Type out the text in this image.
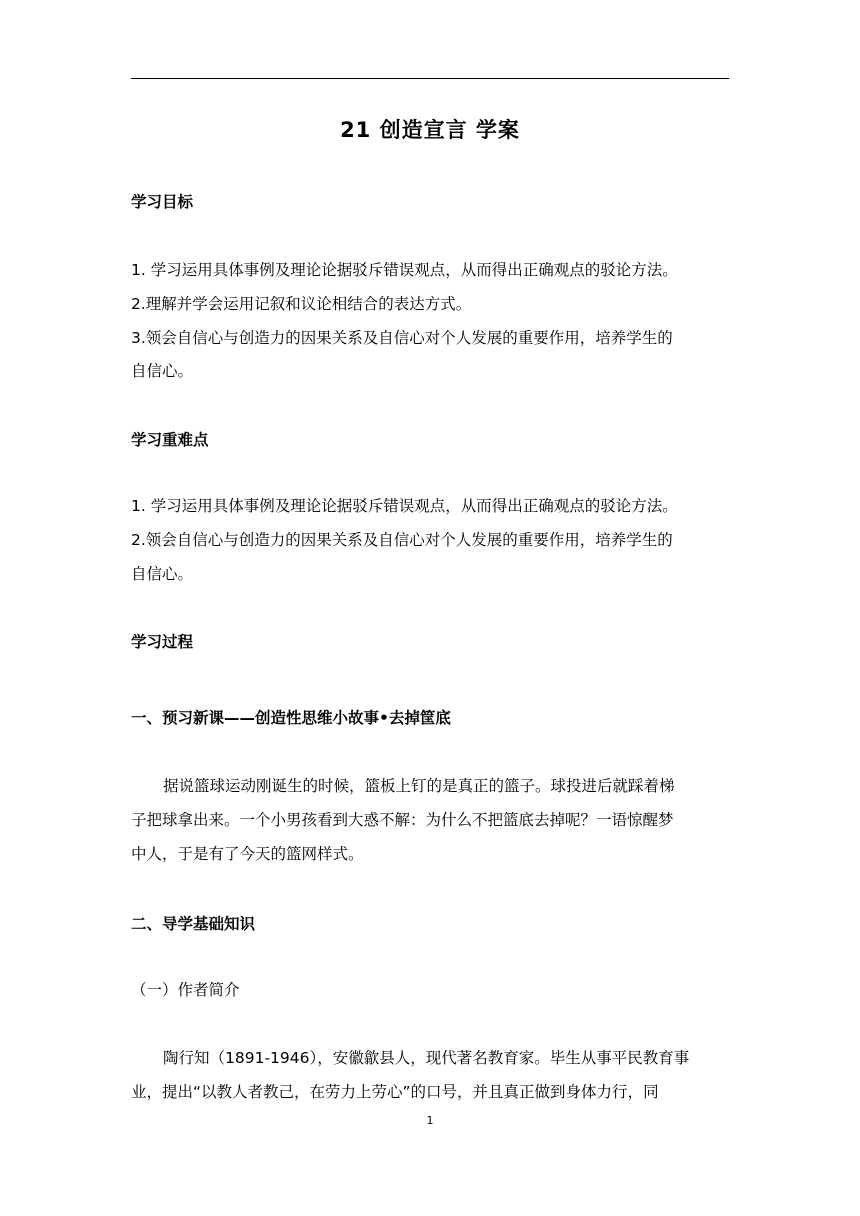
21 创造宣言 学案
学习目标
1. 学习运用具体事例及理论论据驳斥错误观点，从而得出正确观点的驳论方法。
2.理解并学会运用记叙和议论相结合的表达方式。
3.领会自信心与创造力的因果关系及自信心对个人发展的重要作用，培养学生的
自信心。
学习重难点
1. 学习运用具体事例及理论论据驳斥错误观点，从而得出正确观点的驳论方法。
2.领会自信心与创造力的因果关系及自信心对个人发展的重要作用，培养学生的
自信心。
学习过程
一、预习新课——创造性思维小故事•去掉筐底
据说篮球运动刚诞生的时候，篮板上钉的是真正的篮子。球投进后就踩着梯
子把球拿出来。一个小男孩看到大惑不解：为什么不把篮底去掉呢？一语惊醒梦
中人，于是有了今天的篮网样式。
二、导学基础知识
（一）作者简介
陶行知（1891-1946），安徽歙县人，现代著名教育家。毕生从事平民教育事
业，提出“以教人者教己，在劳力上劳心”的口号，并且真正做到身体力行，同
1
